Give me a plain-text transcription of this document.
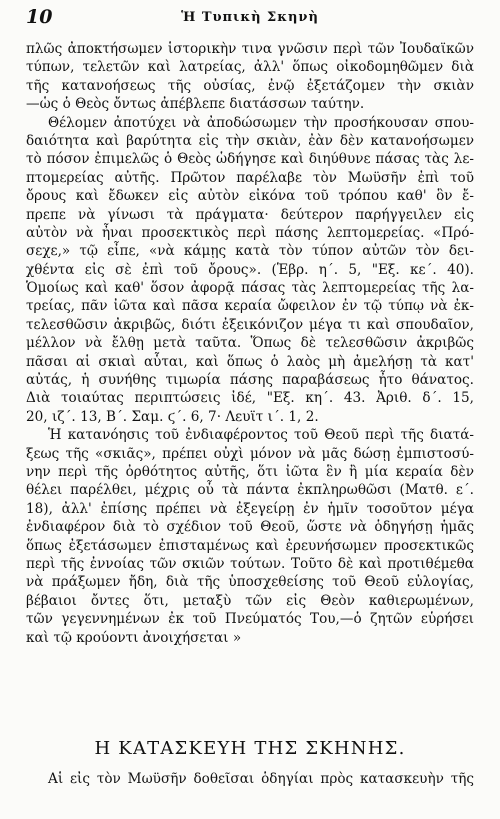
10	Ἡ Τυπικὴ Σκηνὴ
πλῶς ἀποκτήσωμεν ἱστορικὴν τινα γνῶσιν περὶ τῶν Ἰουδαϊκῶν
τύπων, τελετῶν καὶ λατρείας, ἀλλ' ὅπως οἰκοδομηθῶμεν διὰ
τῆς κατανοήσεως τῆς οὐσίας, ἐνῷ ἐξετάζομεν τὴν σκιὰν
—ὡς ὁ Θεὸς ὄντως ἀπέβλεπε διατάσσων ταύτην.
Θέλομεν ἀποτύχει νὰ ἀποδώσωμεν τὴν προσήκουσαν σπου-
δαιότητα καὶ βαρύτητα εἰς τὴν σκιὰν, ἐὰν δὲν κατανοήσωμεν
τὸ πόσον ἐπιμελῶς ὁ Θεὸς ὡδήγησε καὶ διηύθυνε πάσας τὰς λε-
πτομερείας αὐτῆς. Πρῶτον παρέλαβε τὸν Μωϋσῆν ἐπὶ τοῦ
ὄρους καὶ ἔδωκεν εἰς αὐτὸν εἰκόνα τοῦ τρόπου καθ' ὃν ἔ-
πρεπε νὰ γίνωσι τὰ πράγματα· δεύτερον παρήγγειλεν εἰς
αὐτὸν νὰ ἦναι προσεκτικὸς περὶ πάσης λεπτομερείας. «Πρό-
σεχε,» τῷ εἶπε, «νὰ κάμῃς κατὰ τὸν τύπον αὐτῶν τὸν δει-
χθέντα εἰς σὲ ἐπὶ τοῦ ὄρους». (Ἑβρ. η΄. 5, "Εξ. κε΄. 40).
Ὁμοίως καὶ καθ' ὅσον ἀφορᾷ πάσας τὰς λεπτομερείας τῆς λα-
τρείας, πᾶν ἰῶτα καὶ πᾶσα κεραία ὤφειλον ἐν τῷ τύπῳ νὰ ἐκ-
τελεσθῶσιν ἀκριβῶς, διότι ἐξεικόνιζον μέγα τι καὶ σπουδαῖον,
μέλλον νὰ ἔλθῃ μετὰ ταῦτα. Ὅπως δὲ τελεσθῶσιν ἀκριβῶς
πᾶσαι αἱ σκιαὶ αὗται, καὶ ὅπως ὁ λαὸς μὴ ἀμελήσῃ τὰ κατ'
αὐτάς, ἡ συνήθης τιμωρία πάσης παραβάσεως ἦτο θάνατος.
Διὰ τοιαύτας περιπτώσεις ἰδέ, "Εξ. κη΄. 43. Ἀριθ. δ΄. 15,
20, ιζ΄. 13, Β΄. Σαμ. ϛ΄. 6, 7· Λευϊτ ι΄. 1, 2.
Ἡ κατανόησις τοῦ ἐνδιαφέροντος τοῦ Θεοῦ περὶ τῆς διατά-
ξεως τῆς «σκιᾶς», πρέπει οὐχὶ μόνον νὰ μᾶς δώσῃ ἐμπιστοσύ-
νην περὶ τῆς ὀρθότητος αὐτῆς, ὅτι ἰῶτα ἓν ἢ μία κεραία δὲν
θέλει παρέλθει, μέχρις οὗ τὰ πάντα ἐκπληρωθῶσι (Ματθ. ε΄.
18), ἀλλ' ἐπίσης πρέπει νὰ ἐξεγείρῃ ἐν ἡμῖν τοσοῦτον μέγα
ἐνδιαφέρον διὰ τὸ σχέδιον τοῦ Θεοῦ, ὥστε νὰ ὁδηγήσῃ ἡμᾶς
ὅπως ἐξετάσωμεν ἐπισταμένως καὶ ἐρευνήσωμεν προσεκτικῶς
περὶ τῆς ἐννοίας τῶν σκιῶν τούτων. Τοῦτο δὲ καὶ προτιθέμεθα
νὰ πράξωμεν ἤδη, διὰ τῆς ὑποσχεθείσης τοῦ Θεοῦ εὐλογίας,
βέβαιοι ὄντες ὅτι, μεταξὺ τῶν εἰς Θεὸν καθιερωμένων,
τῶν γεγεννημένων ἐκ τοῦ Πνεύματός Του,—ὁ ζητῶν εὑρήσει
καὶ τῷ κρούοντι ἀνοιχήσεται »
Η ΚΑΤΑΣΚΕΥΗ ΤΗΣ ΣΚΗΝΗΣ.
Αἱ εἰς τὸν Μωϋσῆν δοθεῖσαι ὁδηγίαι πρὸς κατασκευὴν τῆς
